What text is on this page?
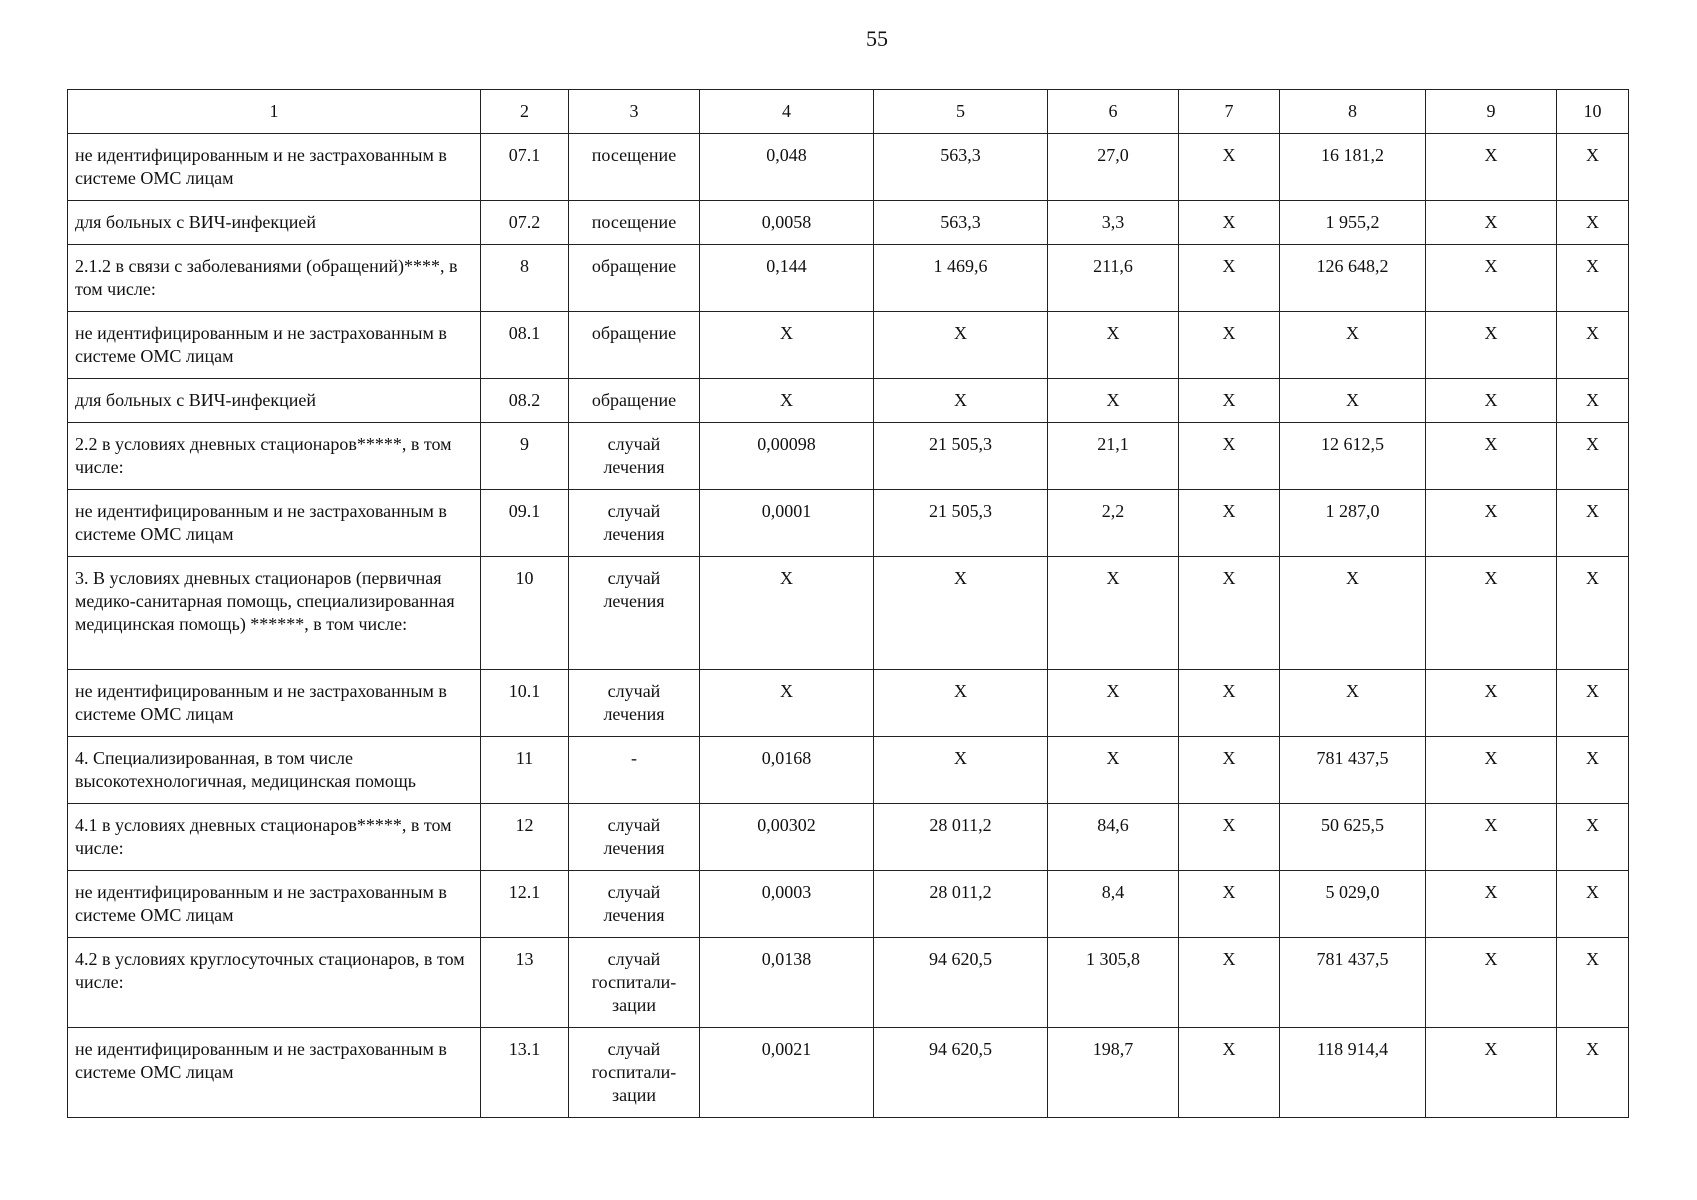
55
1	2	3	4	5	6	7	8	9	10
не идентифицированным и не застрахованным в системе ОМС лицам	07.1	посещение	0,048	563,3	27,0	X	16 181,2	X	X
для больных с ВИЧ-инфекцией	07.2	посещение	0,0058	563,3	3,3	X	1 955,2	X	X
2.1.2 в связи с заболеваниями (обращений)****, в том числе:	8	обращение	0,144	1 469,6	211,6	X	126 648,2	X	X
не идентифицированным и не застрахованным в системе ОМС лицам	08.1	обращение	X	X	X	X	X	X	X
для больных с ВИЧ-инфекцией	08.2	обращение	X	X	X	X	X	X	X
2.2 в условиях дневных стационаров*****, в том числе:	9	случай лечения	0,00098	21 505,3	21,1	X	12 612,5	X	X
не идентифицированным и не застрахованным в системе ОМС лицам	09.1	случай лечения	0,0001	21 505,3	2,2	X	1 287,0	X	X
3. В условиях дневных стационаров (первичная медико-санитарная помощь, специализированная медицинская помощь) ******, в том числе:	10	случай лечения	X	X	X	X	X	X	X
не идентифицированным и не застрахованным в системе ОМС лицам	10.1	случай лечения	X	X	X	X	X	X	X
4. Специализированная, в том числе высокотехнологичная, медицинская помощь	11	-	0,0168	X	X	X	781 437,5	X	X
4.1 в условиях дневных стационаров*****, в том числе:	12	случай лечения	0,00302	28 011,2	84,6	X	50 625,5	X	X
не идентифицированным и не застрахованным в системе ОМС лицам	12.1	случай лечения	0,0003	28 011,2	8,4	X	5 029,0	X	X
4.2 в условиях круглосуточных стационаров, в том числе:	13	случай госпитали-зации	0,0138	94 620,5	1 305,8	X	781 437,5	X	X
не идентифицированным и не застрахованным в системе ОМС лицам	13.1	случай госпитали-зации	0,0021	94 620,5	198,7	X	118 914,4	X	X
